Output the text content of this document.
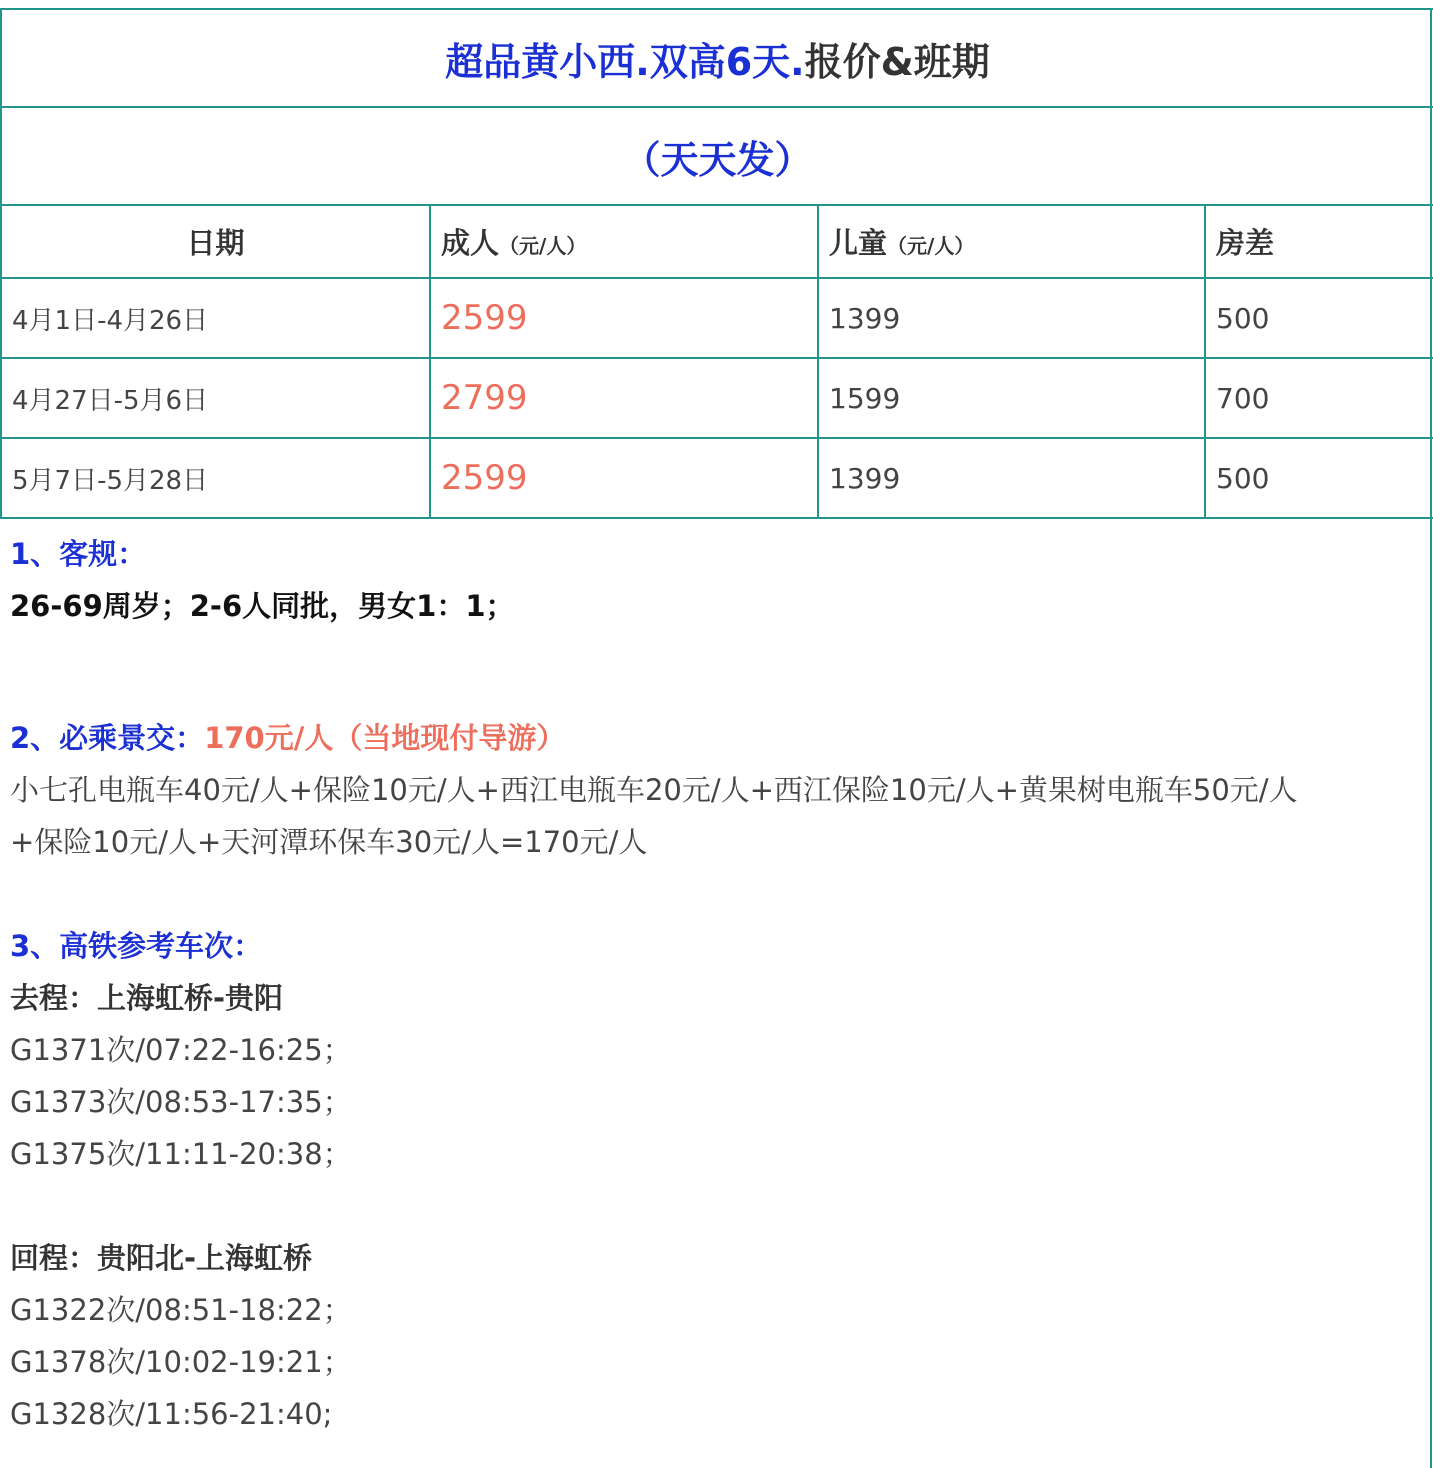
超品黄小西.双高6天.报价&班期			
（天天发）			
日期	成人（元/人）	儿童（元/人）	房差
4月1日-4月26日	2599	1399	500
4月27日-5月6日	2799	1599	700
5月7日-5月28日	2599	1399	500

1、客规：

26-69周岁；2-6人同批，男女1：1；

2、必乘景交：170元/人（当地现付导游）

小七孔电瓶车40元/人+保险10元/人+西江电瓶车20元/人+西江保险10元/人+黄果树电瓶车50元/人

+保险10元/人+天河潭环保车30元/人=170元/人

3、高铁参考车次：

去程：上海虹桥-贵阳

G1371次/07:22-16:25；

G1373次/08:53-17:35；

G1375次/11:11-20:38；

回程：贵阳北-上海虹桥

G1322次/08:51-18:22；

G1378次/10:02-19:21；

G1328次/11:56-21:40;
